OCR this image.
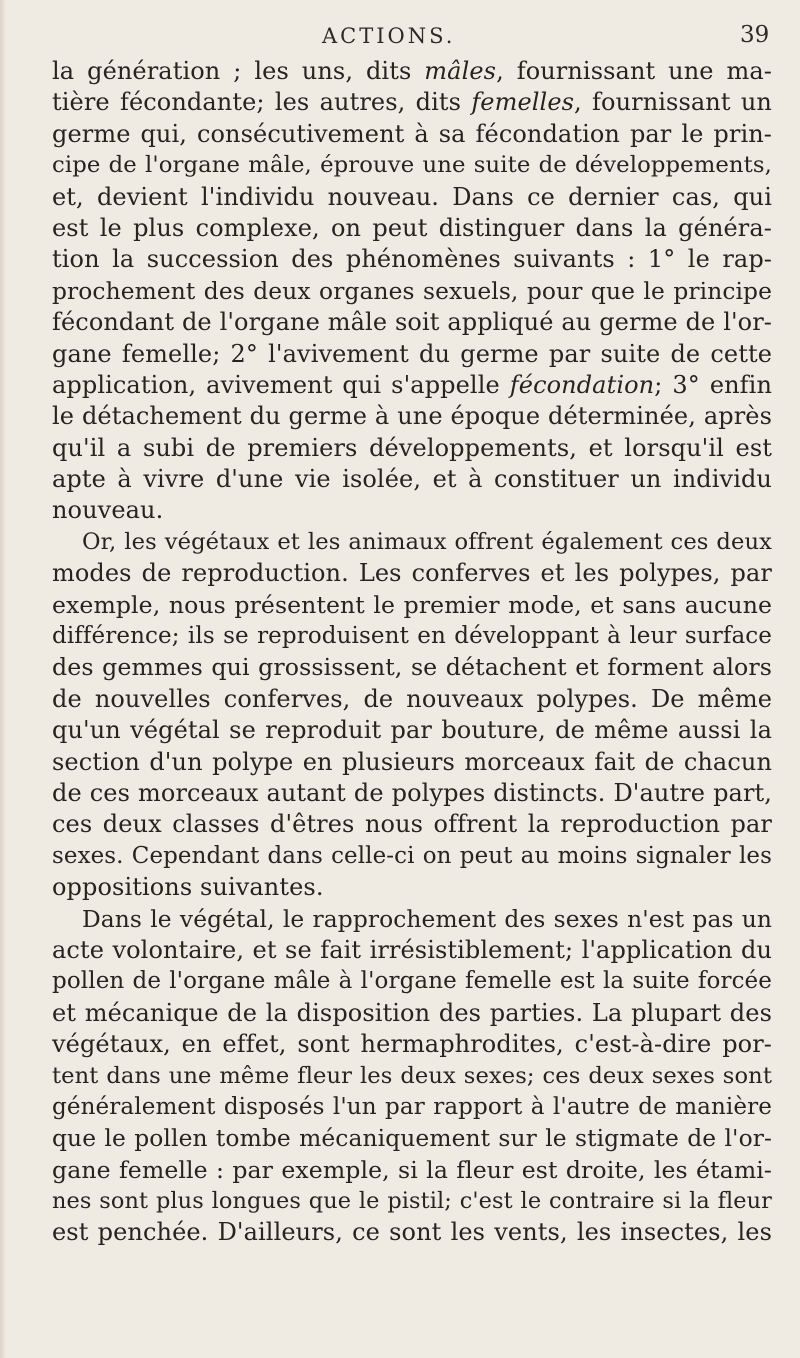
ACTIONS.	39
la génération ; les uns, dits mâles, fournissant une ma-
tière fécondante; les autres, dits femelles, fournissant un
germe qui, consécutivement à sa fécondation par le prin-
cipe de l'organe mâle, éprouve une suite de développements,
et, devient l'individu nouveau. Dans ce dernier cas, qui
est le plus complexe, on peut distinguer dans la généra-
tion la succession des phénomènes suivants : 1° le rap-
prochement des deux organes sexuels, pour que le principe
fécondant de l'organe mâle soit appliqué au germe de l'or-
gane femelle; 2° l'avivement du germe par suite de cette
application, avivement qui s'appelle fécondation; 3° enfin
le détachement du germe à une époque déterminée, après
qu'il a subi de premiers développements, et lorsqu'il est
apte à vivre d'une vie isolée, et à constituer un individu
nouveau.
Or, les végétaux et les animaux offrent également ces deux
modes de reproduction. Les conferves et les polypes, par
exemple, nous présentent le premier mode, et sans aucune
différence; ils se reproduisent en développant à leur surface
des gemmes qui grossissent, se détachent et forment alors
de nouvelles conferves, de nouveaux polypes. De même
qu'un végétal se reproduit par bouture, de même aussi la
section d'un polype en plusieurs morceaux fait de chacun
de ces morceaux autant de polypes distincts. D'autre part,
ces deux classes d'êtres nous offrent la reproduction par
sexes. Cependant dans celle-ci on peut au moins signaler les
oppositions suivantes.
Dans le végétal, le rapprochement des sexes n'est pas un
acte volontaire, et se fait irrésistiblement; l'application du
pollen de l'organe mâle à l'organe femelle est la suite forcée
et mécanique de la disposition des parties. La plupart des
végétaux, en effet, sont hermaphrodites, c'est-à-dire por-
tent dans une même fleur les deux sexes; ces deux sexes sont
généralement disposés l'un par rapport à l'autre de manière
que le pollen tombe mécaniquement sur le stigmate de l'or-
gane femelle : par exemple, si la fleur est droite, les étami-
nes sont plus longues que le pistil; c'est le contraire si la fleur
est penchée. D'ailleurs, ce sont les vents, les insectes, les
